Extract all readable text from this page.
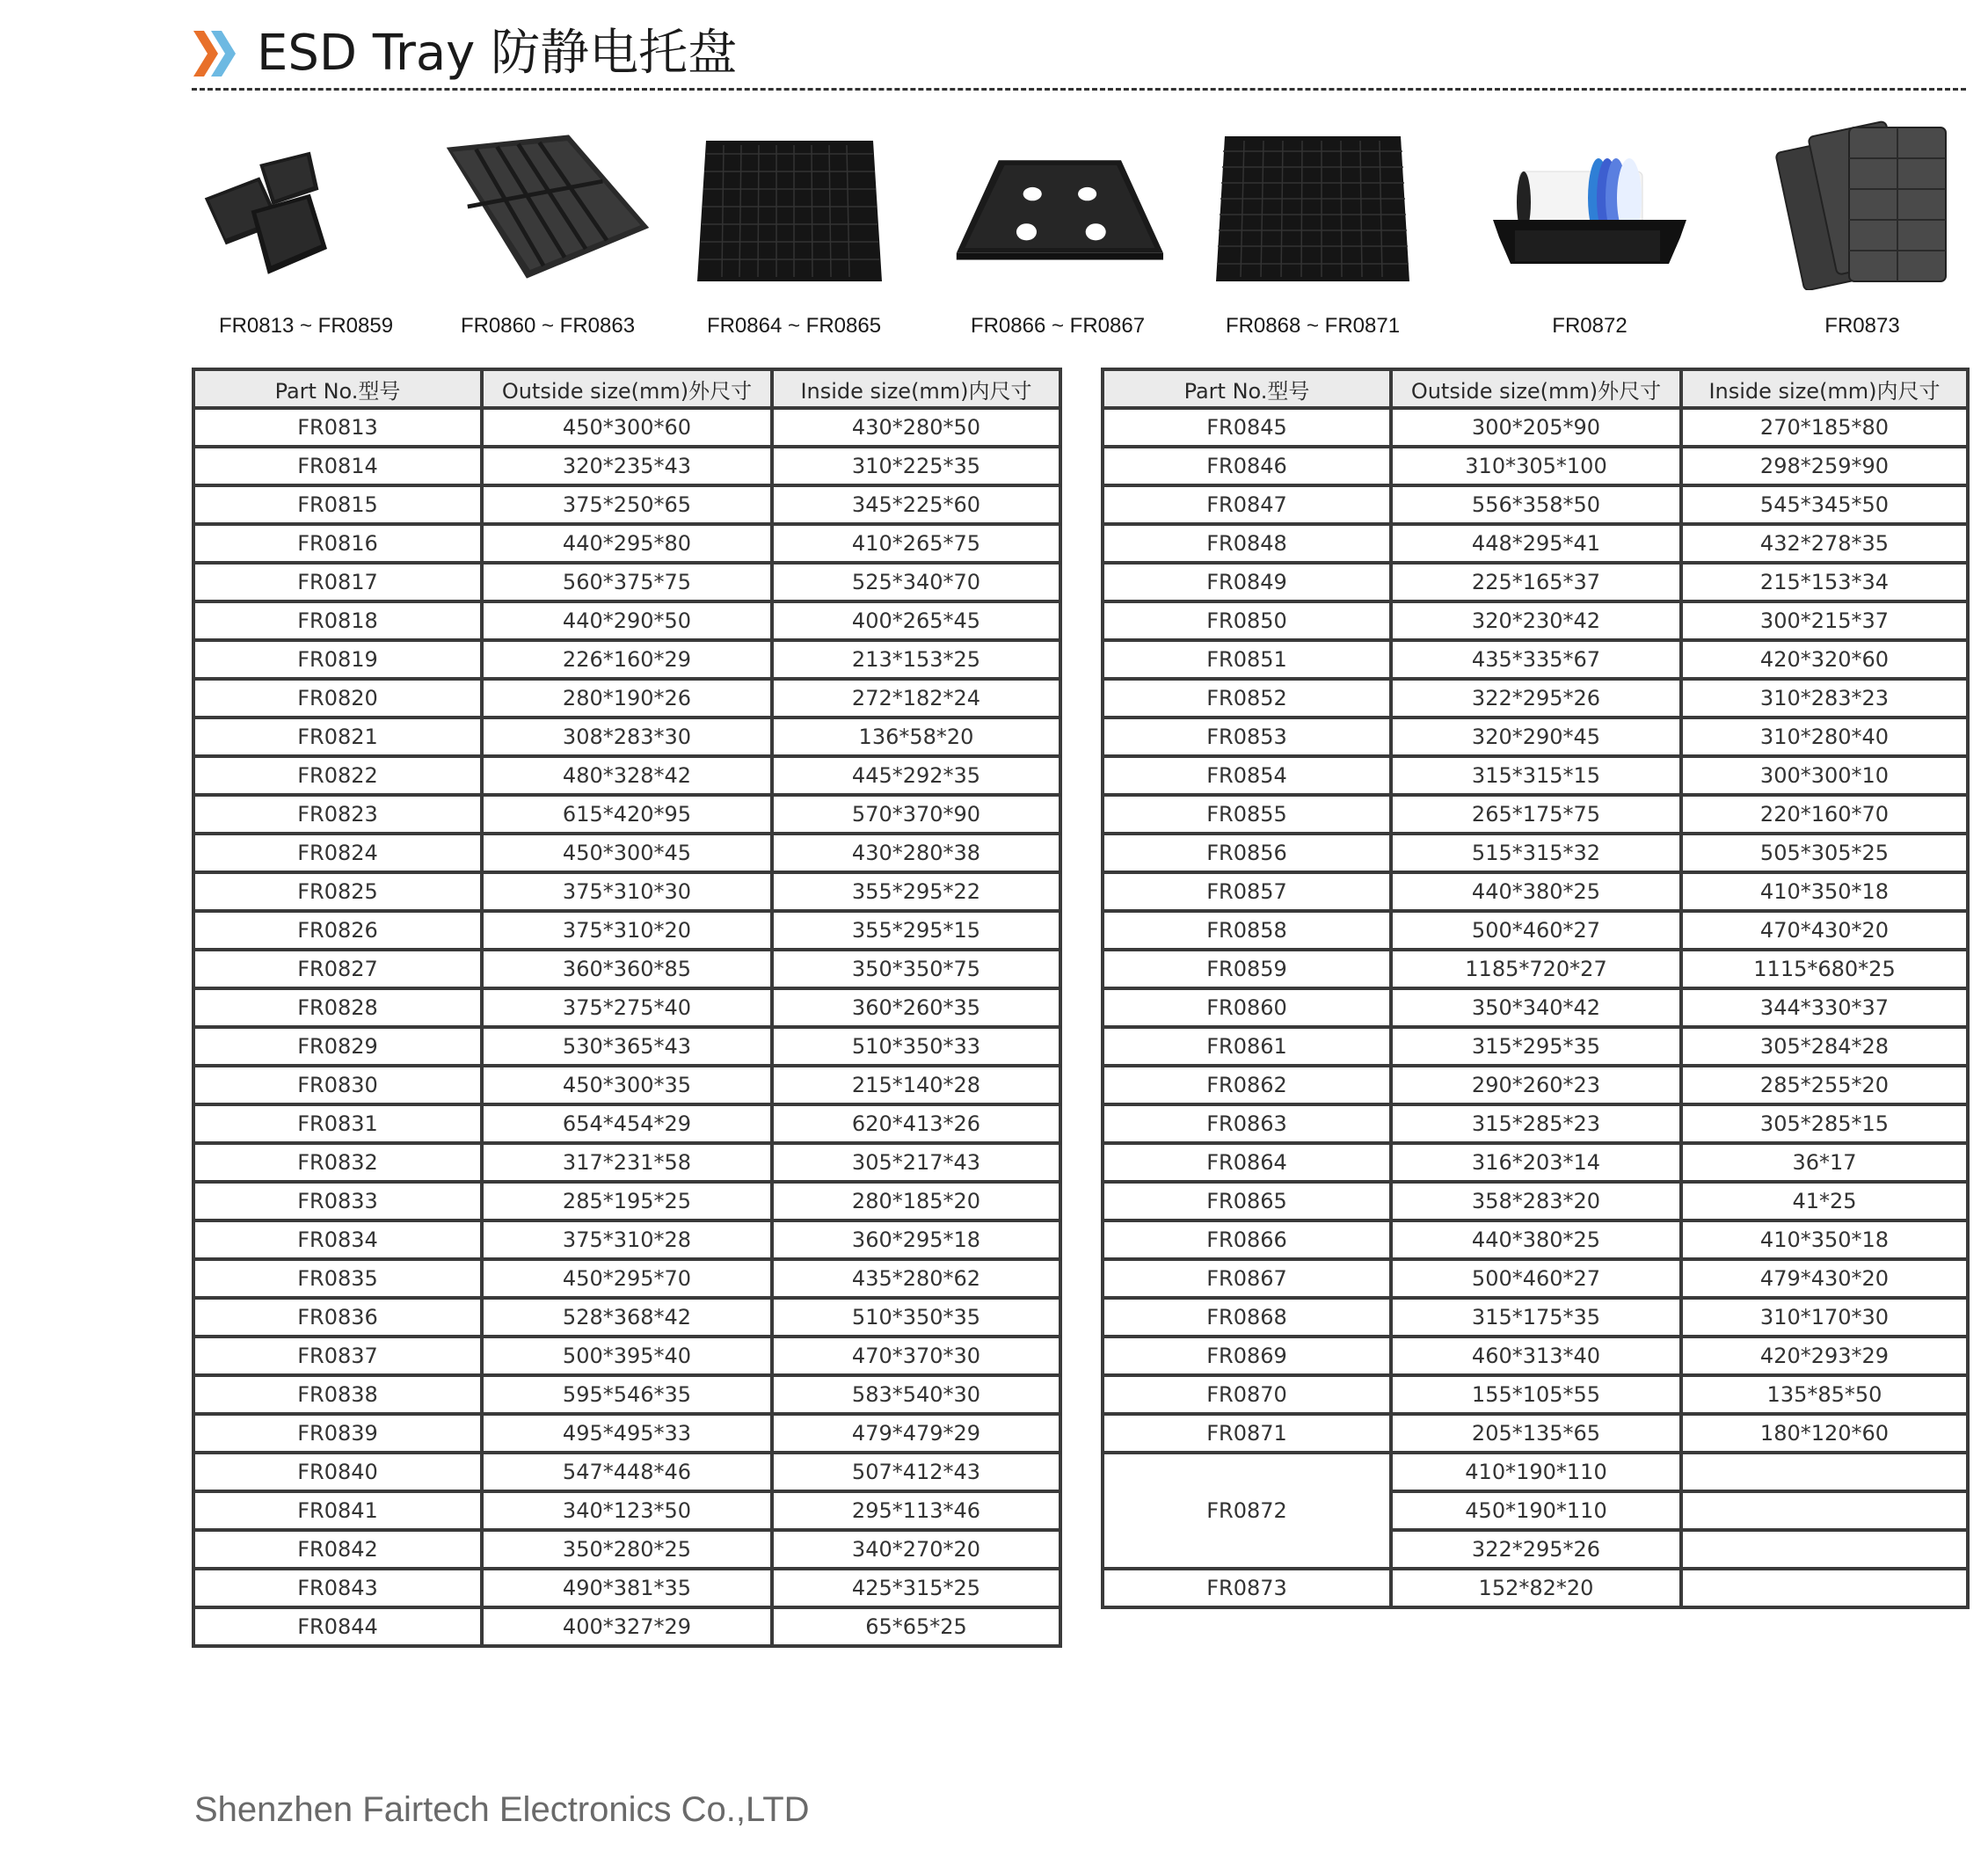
ESD Tray 防静电托盘
FR0813 ~ FR0859	FR0860 ~ FR0863	FR0864 ~ FR0865	FR0866 ~ FR0867	FR0868 ~ FR0871	FR0872	FR0873
Part No.型号	Outside size(mm)外尺寸	Inside size(mm)内尺寸
FR0813	450*300*60	430*280*50
FR0814	320*235*43	310*225*35
FR0815	375*250*65	345*225*60
FR0816	440*295*80	410*265*75
FR0817	560*375*75	525*340*70
FR0818	440*290*50	400*265*45
FR0819	226*160*29	213*153*25
FR0820	280*190*26	272*182*24
FR0821	308*283*30	136*58*20
FR0822	480*328*42	445*292*35
FR0823	615*420*95	570*370*90
FR0824	450*300*45	430*280*38
FR0825	375*310*30	355*295*22
FR0826	375*310*20	355*295*15
FR0827	360*360*85	350*350*75
FR0828	375*275*40	360*260*35
FR0829	530*365*43	510*350*33
FR0830	450*300*35	215*140*28
FR0831	654*454*29	620*413*26
FR0832	317*231*58	305*217*43
FR0833	285*195*25	280*185*20
FR0834	375*310*28	360*295*18
FR0835	450*295*70	435*280*62
FR0836	528*368*42	510*350*35
FR0837	500*395*40	470*370*30
FR0838	595*546*35	583*540*30
FR0839	495*495*33	479*479*29
FR0840	547*448*46	507*412*43
FR0841	340*123*50	295*113*46
FR0842	350*280*25	340*270*20
FR0843	490*381*35	425*315*25
FR0844	400*327*29	65*65*25
Part No.型号	Outside size(mm)外尺寸	Inside size(mm)内尺寸
FR0845	300*205*90	270*185*80
FR0846	310*305*100	298*259*90
FR0847	556*358*50	545*345*50
FR0848	448*295*41	432*278*35
FR0849	225*165*37	215*153*34
FR0850	320*230*42	300*215*37
FR0851	435*335*67	420*320*60
FR0852	322*295*26	310*283*23
FR0853	320*290*45	310*280*40
FR0854	315*315*15	300*300*10
FR0855	265*175*75	220*160*70
FR0856	515*315*32	505*305*25
FR0857	440*380*25	410*350*18
FR0858	500*460*27	470*430*20
FR0859	1185*720*27	1115*680*25
FR0860	350*340*42	344*330*37
FR0861	315*295*35	305*284*28
FR0862	290*260*23	285*255*20
FR0863	315*285*23	305*285*15
FR0864	316*203*14	36*17
FR0865	358*283*20	41*25
FR0866	440*380*25	410*350*18
FR0867	500*460*27	479*430*20
FR0868	315*175*35	310*170*30
FR0869	460*313*40	420*293*29
FR0870	155*105*55	135*85*50
FR0871	205*135*65	180*120*60
FR0872	410*190*110	
	450*190*110	
	322*295*26	
FR0873	152*82*20	
Shenzhen Fairtech Electronics Co.,LTD
